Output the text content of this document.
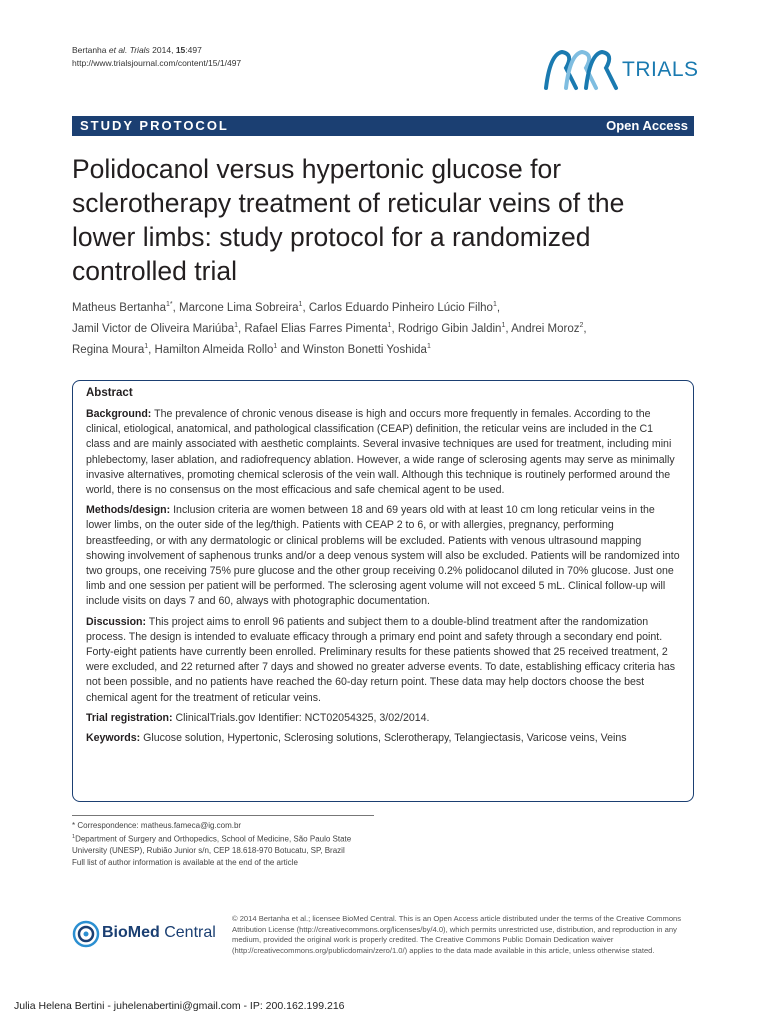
Bertanha et al. Trials 2014, 15:497
http://www.trialsjournal.com/content/15/1/497	TRIALS
STUDY PROTOCOL	Open Access
Polidocanol versus hypertonic glucose for sclerotherapy treatment of reticular veins of the lower limbs: study protocol for a randomized controlled trial
Matheus Bertanha$^{1*}$, Marcone Lima Sobreira$^1$, Carlos Eduardo Pinheiro Lúcio Filho$^1$,
Jamil Victor de Oliveira Mariúba$^1$, Rafael Elias Farres Pimenta$^1$, Rodrigo Gibin Jaldin$^1$, Andrei Moroz$^2$,
Regina Moura$^1$, Hamilton Almeida Rollo$^1$ and Winston Bonetti Yoshida$^1$
Abstract

Background: The prevalence of chronic venous disease is high and occurs more frequently in females. According to the clinical, etiological, anatomical, and pathological classification (CEAP) definition, the reticular veins are included in the C1 class and are mainly associated with aesthetic complaints. Several invasive techniques are used for treatment, including mini phlebectomy, laser ablation, and radiofrequency ablation. However, a wide range of sclerosing agents may serve as minimally invasive alternatives, promoting chemical sclerosis of the vein wall. Although this technique is routinely performed around the world, there is no consensus on the most efficacious and safe chemical agent to be used.

Methods/design: Inclusion criteria are women between 18 and 69 years old with at least 10 cm long reticular veins in the lower limbs, on the outer side of the leg/thigh. Patients with CEAP 2 to 6, or with allergies, pregnancy, performing breastfeeding, or with any dermatologic or clinical problems will be excluded. Patients with venous ultrasound mapping showing involvement of saphenous trunks and/or a deep venous system will also be excluded. Patients will be randomized into two groups, one receiving 75% pure glucose and the other group receiving 0.2% polidocanol diluted in 70% glucose. Just one limb and one session per patient will be performed. The sclerosing agent volume will not exceed 5 mL. Clinical follow-up will include visits on days 7 and 60, always with photographic documentation.

Discussion: This project aims to enroll 96 patients and subject them to a double-blind treatment after the randomization process. The design is intended to evaluate efficacy through a primary end point and safety through a secondary end point. Forty-eight patients have currently been enrolled. Preliminary results for these patients showed that 25 received treatment, 2 were excluded, and 22 returned after 7 days and showed no greater adverse events. To date, establishing efficacy criteria has not been possible, and no patients have reached the 60-day return point. These data may help doctors choose the best chemical agent for the treatment of reticular veins.

Trial registration: ClinicalTrials.gov Identifier: NCT02054325, 3/02/2014.

Keywords: Glucose solution, Hypertonic, Sclerosing solutions, Sclerotherapy, Telangiectasis, Varicose veins, Veins

* Correspondence: matheus.fameca@ig.com.br
$^1$Department of Surgery and Orthopedics, School of Medicine, São Paulo State University (UNESP), Rubião Junior s/n, CEP 18.618-970 Botucatu, SP, Brazil
Full list of author information is available at the end of the article
BioMed Central
© 2014 Bertanha et al.; licensee BioMed Central. This is an Open Access article distributed under the terms of the Creative Commons Attribution License (http://creativecommons.org/licenses/by/4.0), which permits unrestricted use, distribution, and reproduction in any medium, provided the original work is properly credited. The Creative Commons Public Domain Dedication waiver (http://creativecommons.org/publicdomain/zero/1.0/) applies to the data made available in this article, unless otherwise stated.
Julia Helena Bertini - juhelenabertini@gmail.com - IP: 200.162.199.216
